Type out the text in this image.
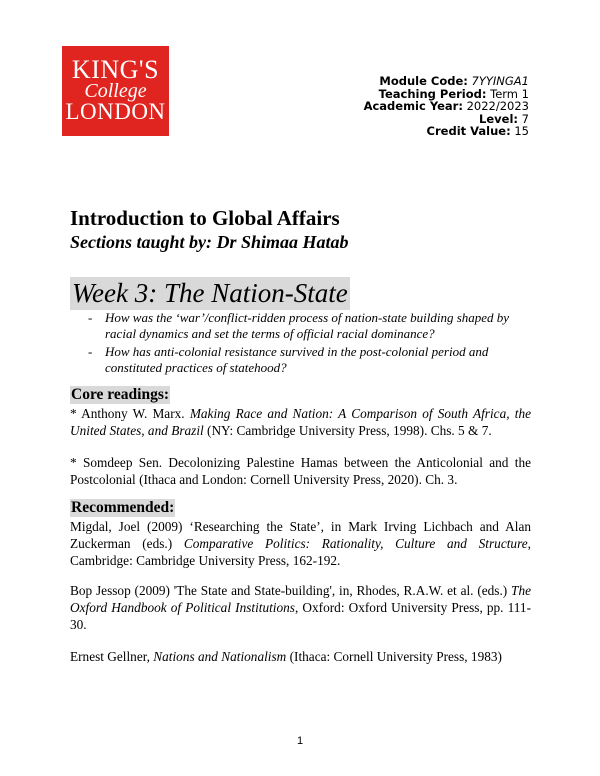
KING'S
College
LONDON
Module Code: 7YYINGA1
Teaching Period: Term 1
Academic Year: 2022/2023
Level: 7
Credit Value: 15
Introduction to Global Affairs
Sections taught by: Dr Shimaa Hatab
Week 3: The Nation-State
- How was the ‘war’/conflict-ridden process of nation-state building shaped by racial dynamics and set the terms of official racial dominance?
- How has anti-colonial resistance survived in the post-colonial period and constituted practices of statehood?
Core readings:
* Anthony W. Marx. Making Race and Nation: A Comparison of South Africa, the United States, and Brazil (NY: Cambridge University Press, 1998). Chs. 5 & 7.
* Somdeep Sen. Decolonizing Palestine Hamas between the Anticolonial and the Postcolonial (Ithaca and London: Cornell University Press, 2020). Ch. 3.
Recommended:
Migdal, Joel (2009) ‘Researching the State’, in Mark Irving Lichbach and Alan Zuckerman (eds.) Comparative Politics: Rationality, Culture and Structure, Cambridge: Cambridge University Press, 162-192.
Bop Jessop (2009) 'The State and State-building', in, Rhodes, R.A.W. et al. (eds.) The Oxford Handbook of Political Institutions, Oxford: Oxford University Press, pp. 111-30.
Ernest Gellner, Nations and Nationalism (Ithaca: Cornell University Press, 1983)
1
